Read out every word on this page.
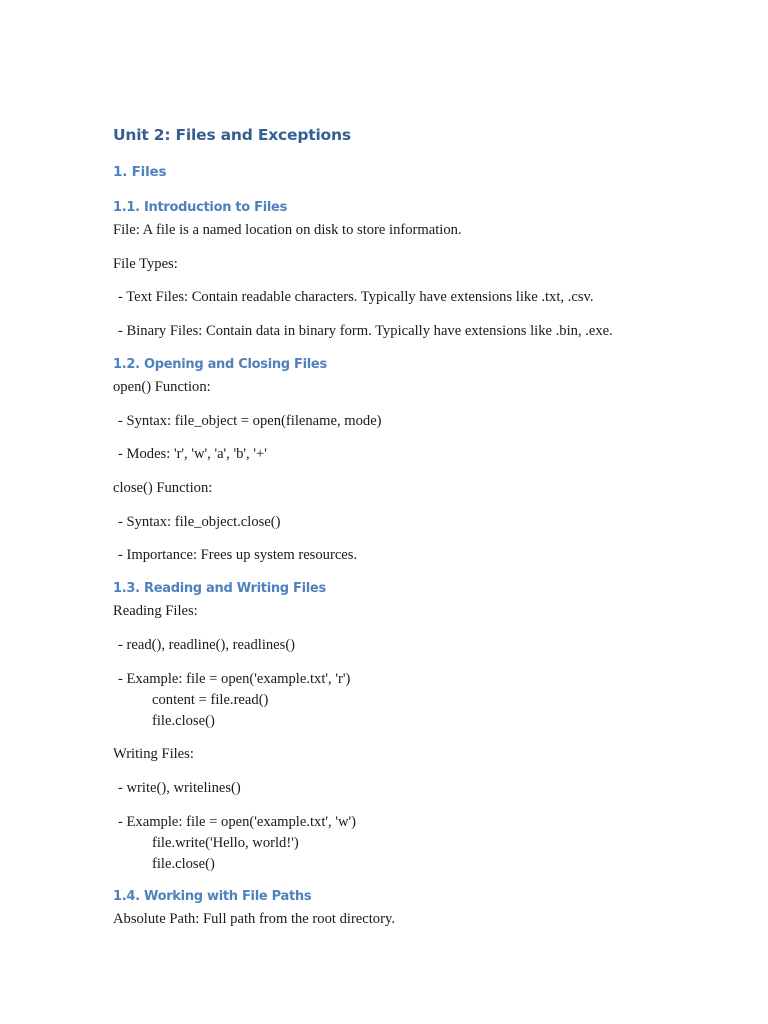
Unit 2: Files and Exceptions
1. Files
1.1. Introduction to Files

File: A file is a named location on disk to store information.

File Types:

- Text Files: Contain readable characters. Typically have extensions like .txt, .csv.

- Binary Files: Contain data in binary form. Typically have extensions like .bin, .exe.

1.2. Opening and Closing Files

open() Function:

- Syntax: file_object = open(filename, mode)

- Modes: 'r', 'w', 'a', 'b', '+'

close() Function:

- Syntax: file_object.close()

- Importance: Frees up system resources.

1.3. Reading and Writing Files

Reading Files:

- read(), readline(), readlines()

- Example: file = open('example.txt', 'r')
content = file.read()
file.close()

Writing Files:

- write(), writelines()

- Example: file = open('example.txt', 'w')
file.write('Hello, world!')
file.close()

1.4. Working with File Paths

Absolute Path: Full path from the root directory.
